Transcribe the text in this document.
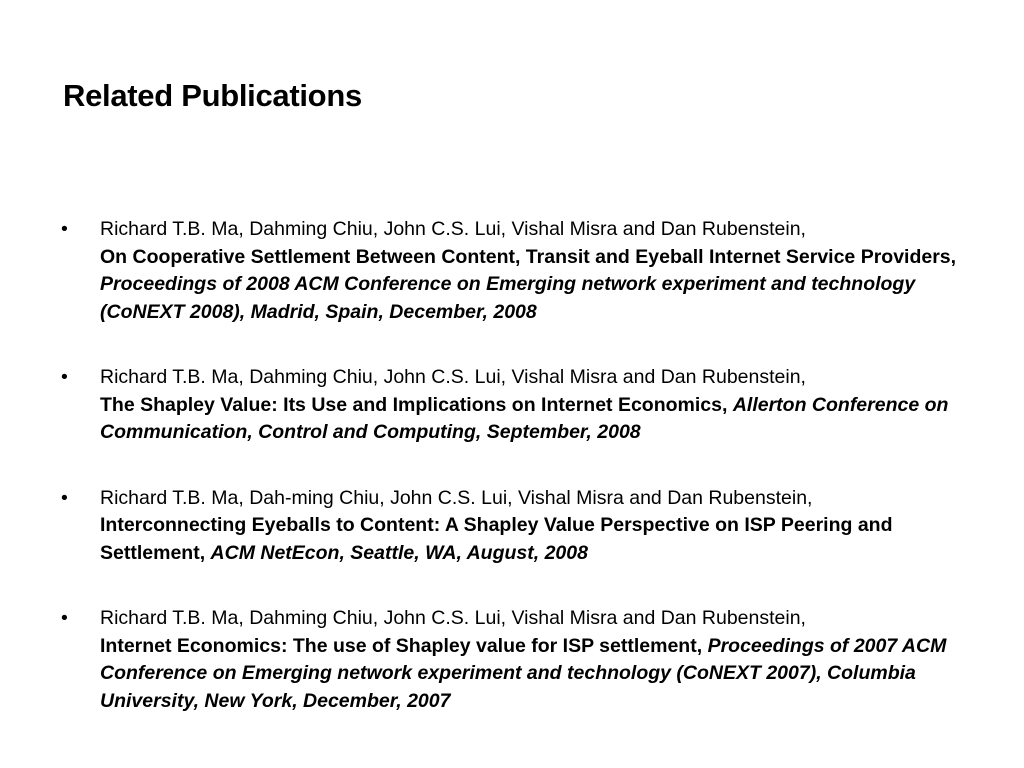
Related Publications
• Richard T.B. Ma, Dahming Chiu, John C.S. Lui, Vishal Misra and Dan Rubenstein,
On Cooperative Settlement Between Content, Transit and Eyeball Internet Service Providers, Proceedings of 2008 ACM Conference on Emerging network experiment and technology (CoNEXT 2008), Madrid, Spain, December, 2008
• Richard T.B. Ma, Dahming Chiu, John C.S. Lui, Vishal Misra and Dan Rubenstein,
The Shapley Value: Its Use and Implications on Internet Economics, Allerton Conference on Communication, Control and Computing, September, 2008
• Richard T.B. Ma, Dah-ming Chiu, John C.S. Lui, Vishal Misra and Dan Rubenstein,
Interconnecting Eyeballs to Content: A Shapley Value Perspective on ISP Peering and Settlement, ACM NetEcon, Seattle, WA, August, 2008
• Richard T.B. Ma, Dahming Chiu, John C.S. Lui, Vishal Misra and Dan Rubenstein,
Internet Economics: The use of Shapley value for ISP settlement, Proceedings of 2007 ACM Conference on Emerging network experiment and technology (CoNEXT 2007), Columbia University, New York, December, 2007
